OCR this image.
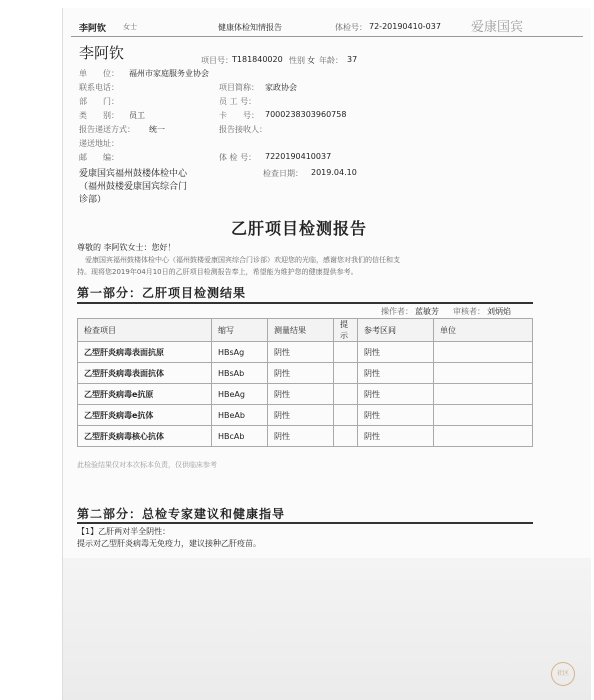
李阿钦 女士	健康体检知情报告	体检号： 72-20190410-037 爱康国宾
李阿钦	项目号： T181840020 性别 女 年龄： 37
单　　位： 福州市家庭服务业协会
联系电话：
部　　门：
类　　别： 员工
报告递送方式： 统一
递送地址：
邮　　编：
项目简称： 家政协会
员 工 号：
卡　　号： 7000238303960758
报告接收人：
体 检 号： 7220190410037
爱康国宾福州鼓楼体检中心
（福州鼓楼爱康国宾综合门
诊部）
检查日期： 2019.04.10
乙肝项目检测报告
尊敬的 李阿钦女士：您好！
爱康国宾福州鼓楼体检中心（福州鼓楼爱康国宾综合门诊部）欢迎您的光临，感谢您对我们的信任和支
持。现将您2019年04月10日的乙肝项目检测报告奉上，希望能为维护您的健康提供参考。
第一部分：乙肝项目检测结果
操作者： 蓝敏芳 审核者： 刘炳焰
检查项目	缩写	测量结果	提示	参考区间	单位
乙型肝炎病毒表面抗原	HBsAg	阴性		阴性	
乙型肝炎病毒表面抗体	HBsAb	阴性		阴性	
乙型肝炎病毒e抗原	HBeAg	阴性		阴性	
乙型肝炎病毒e抗体	HBeAb	阴性		阴性	
乙型肝炎病毒核心抗体	HBcAb	阴性		阴性	
此检验结果仅对本次标本负责，仅供临床参考
第二部分：总检专家建议和健康指导
【1】乙肝两对半全阴性：
提示对乙型肝炎病毒无免疫力，建议接种乙肝疫苗。
社区
